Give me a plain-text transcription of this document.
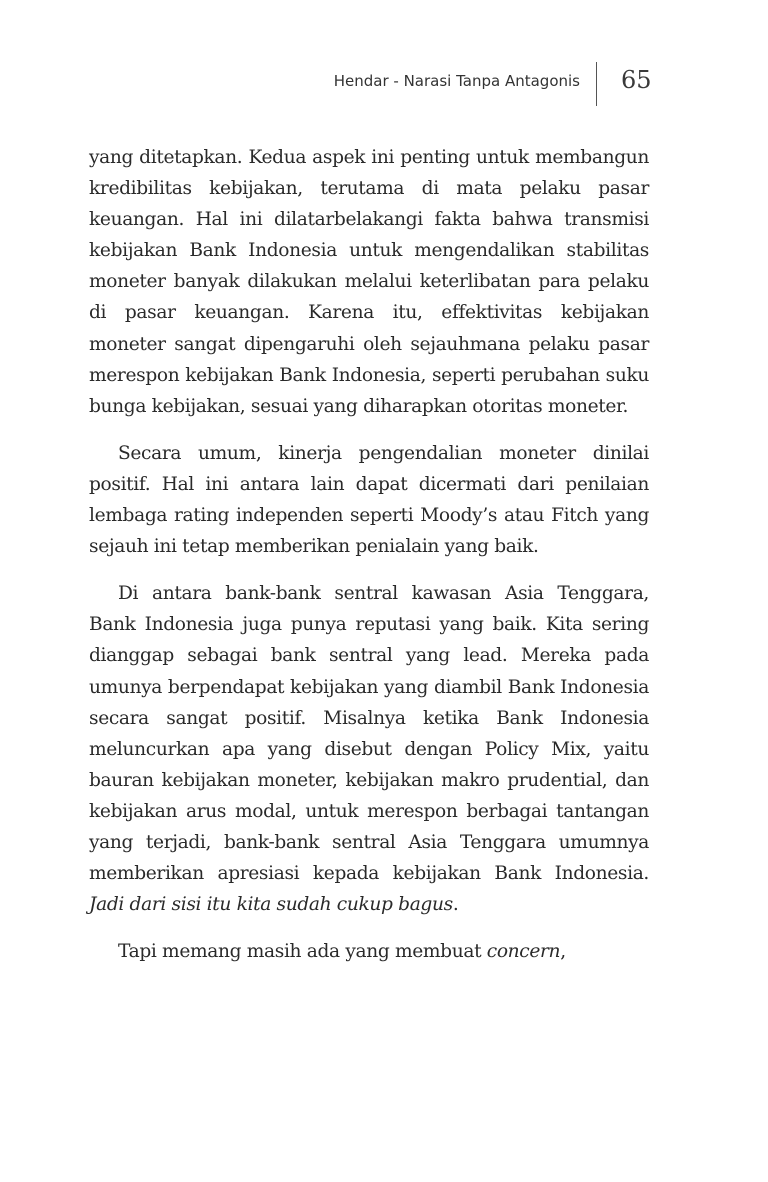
Hendar - Narasi Tanpa Antagonis 65

yang ditetapkan. Kedua aspek ini penting untuk membangun kredibilitas kebijakan, terutama di mata pelaku pasar keuangan. Hal ini dilatarbelakangi fakta bahwa transmisi kebijakan Bank Indonesia untuk mengendalikan stabilitas moneter banyak dilakukan melalui keterlibatan para pelaku di pasar keuangan. Karena itu, effektivitas kebijakan moneter sangat dipengaruhi oleh sejauhmana pelaku pasar merespon kebijakan Bank Indonesia, seperti perubahan suku bunga kebijakan, sesuai yang diharapkan otoritas moneter.

Secara umum, kinerja pengendalian moneter dinilai positif. Hal ini antara lain dapat dicermati dari penilaian lembaga rating independen seperti Moody’s atau Fitch yang sejauh ini tetap memberikan penialain yang baik.

Di antara bank-bank sentral kawasan Asia Tenggara, Bank Indonesia juga punya reputasi yang baik. Kita sering dianggap sebagai bank sentral yang lead. Mereka pada umunya berpendapat kebijakan yang diambil Bank Indonesia secara sangat positif. Misalnya ketika Bank Indonesia meluncurkan apa yang disebut dengan Policy Mix, yaitu bauran kebijakan moneter, kebijakan makro prudential, dan kebijakan arus modal, untuk merespon berbagai tantangan yang terjadi, bank-bank sentral Asia Tenggara umumnya memberikan apresiasi kepada kebijakan Bank Indonesia. Jadi dari sisi itu kita sudah cukup bagus.

Tapi memang masih ada yang membuat concern,
